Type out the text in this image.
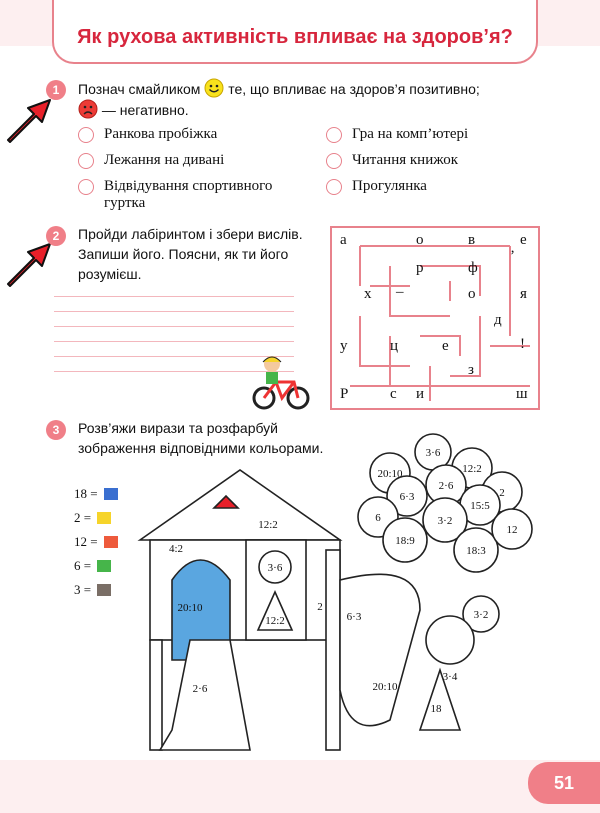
Як рухова активність впливає на здоров’я?
1	Познач смайликом те, що впливає на здоров’я позитивно;
— негативно.
Ранкова пробіжка
Лежання на дивані
Відвідування спортивного гуртка
Гра на комп’ютері
Читання книжок
Прогулянка
2	Пройди лабіринтом і збери вислів. Запиши його. Поясни, як ти його розумієш.
а	о	в	е
р	ф
’
х –	о	я
д
у	ц	е	!
з
Р	с и	ш
3	Розв’яжи вирази та розфарбуй зображення відповідними кольорами.
18 =
2 =
12 =
6 =
3 =
12:2
4:2
3·6
12:2
20:10
2·6
2
6·3
20:10
3·4
18
3·6
20:10	12:2
2·6
6·3	2
6
15:5
18:9
3·2
18:3
12
3·2
51
